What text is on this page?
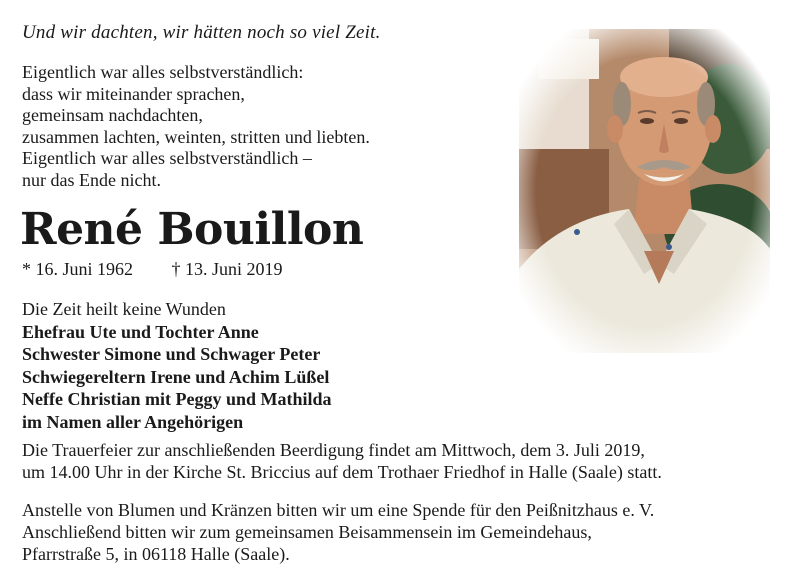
Und wir dachten, wir hätten noch so viel Zeit.
Eigentlich war alles selbstverständlich:
dass wir miteinander sprachen,
gemeinsam nachdachten,
zusammen lachten, weinten, stritten und liebten.
Eigentlich war alles selbstverständlich –
nur das Ende nicht.
René Bouillon
* 16. Juni 1962 † 13. Juni 2019
Die Zeit heilt keine Wunden
Ehefrau Ute und Tochter Anne
Schwester Simone und Schwager Peter
Schwiegereltern Irene und Achim Lüßel
Neffe Christian mit Peggy und Mathilda
im Namen aller Angehörigen
Die Trauerfeier zur anschließenden Beerdigung findet am Mittwoch, dem 3. Juli 2019,
um 14.00 Uhr in der Kirche St. Briccius auf dem Trothaer Friedhof in Halle (Saale) statt.
Anstelle von Blumen und Kränzen bitten wir um eine Spende für den Peißnitzhaus e. V.
Anschließend bitten wir zum gemeinsamen Beisammensein im Gemeindehaus,
Pfarrstraße 5, in 06118 Halle (Saale).
